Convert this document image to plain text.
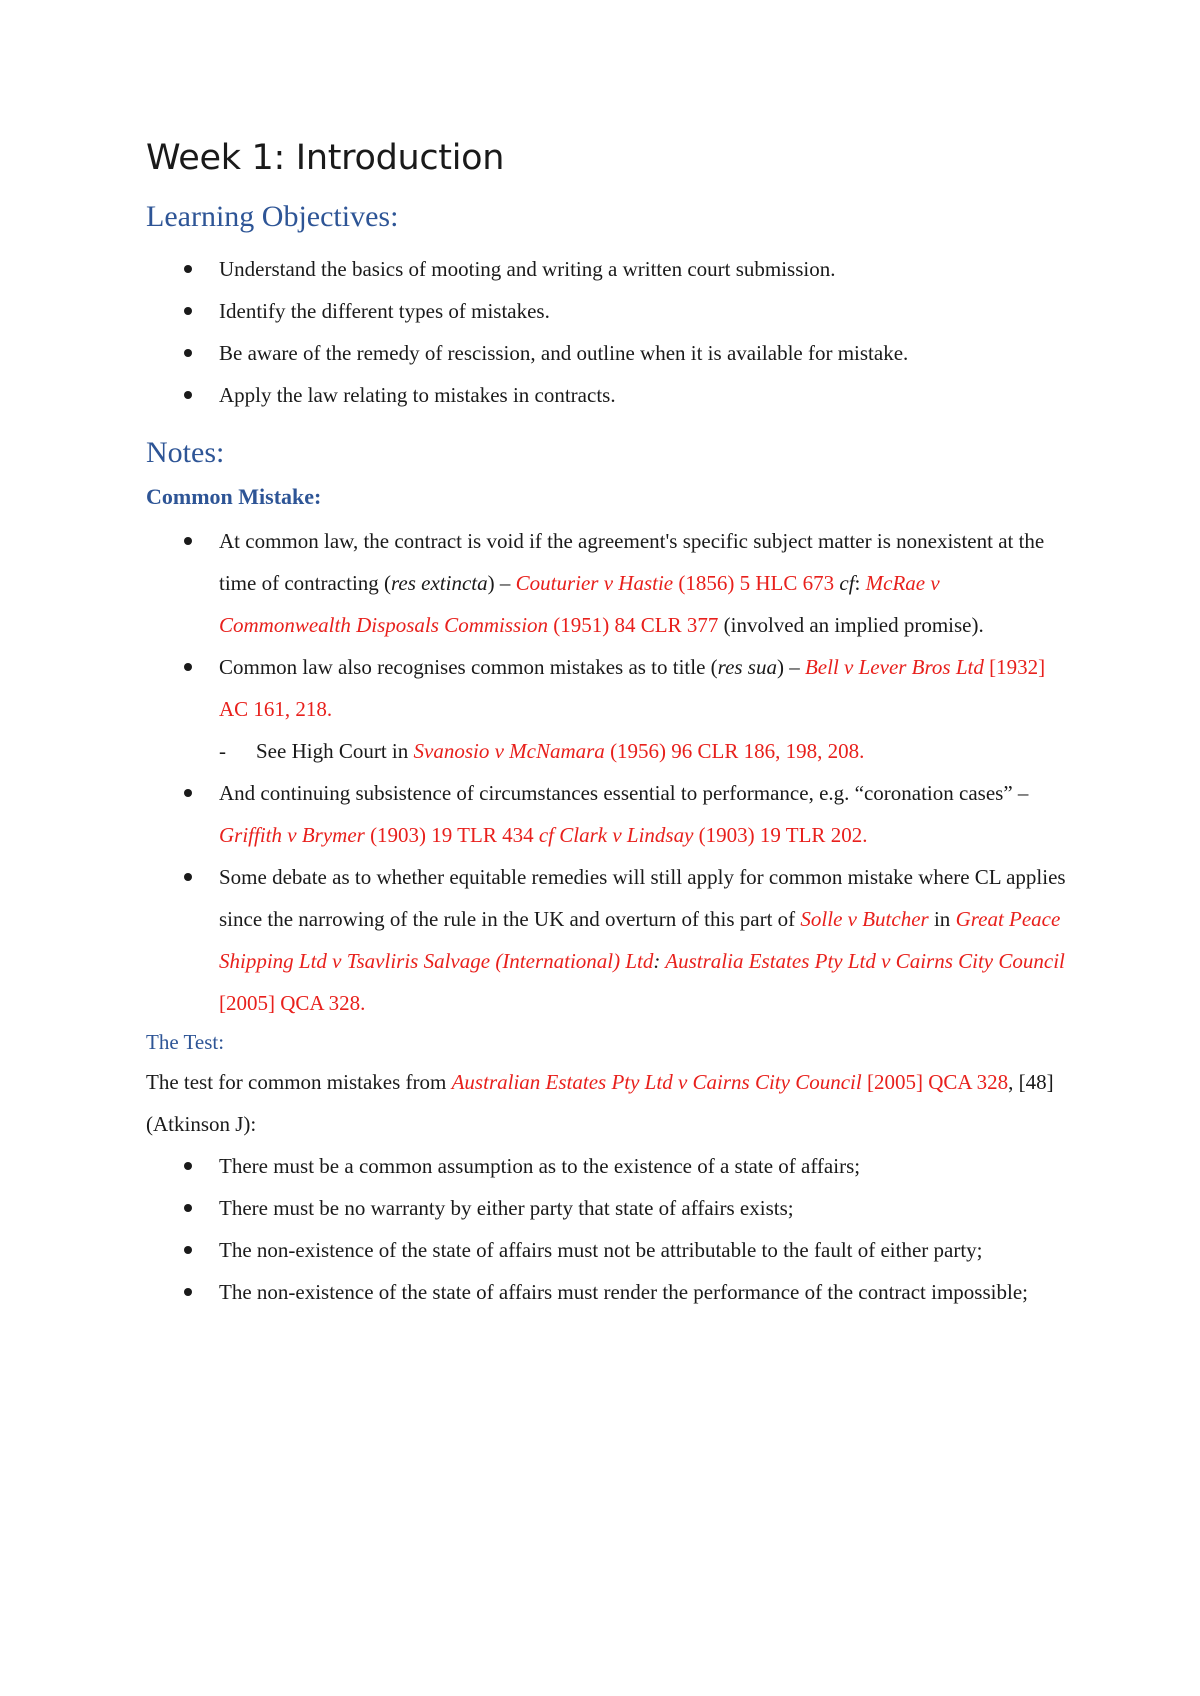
Week 1: Introduction
Learning Objectives:
Understand the basics of mooting and writing a written court submission.
Identify the different types of mistakes.
Be aware of the remedy of rescission, and outline when it is available for mistake.
Apply the law relating to mistakes in contracts.
Notes:
Common Mistake:
At common law, the contract is void if the agreement's specific subject matter is nonexistent at the time of contracting (res extincta) – Couturier v Hastie (1856) 5 HLC 673 cf: McRae v Commonwealth Disposals Commission (1951) 84 CLR 377 (involved an implied promise).
Common law also recognises common mistakes as to title (res sua) – Bell v Lever Bros Ltd [1932] AC 161, 218.
- See High Court in Svanosio v McNamara (1956) 96 CLR 186, 198, 208.
And continuing subsistence of circumstances essential to performance, e.g. “coronation cases” – Griffith v Brymer (1903) 19 TLR 434 cf Clark v Lindsay (1903) 19 TLR 202.
Some debate as to whether equitable remedies will still apply for common mistake where CL applies since the narrowing of the rule in the UK and overturn of this part of Solle v Butcher in Great Peace Shipping Ltd v Tsavliris Salvage (International) Ltd: Australia Estates Pty Ltd v Cairns City Council [2005] QCA 328.
The Test:

The test for common mistakes from Australian Estates Pty Ltd v Cairns City Council [2005] QCA 328, [48] (Atkinson J):

There must be a common assumption as to the existence of a state of affairs;
There must be no warranty by either party that state of affairs exists;
The non-existence of the state of affairs must not be attributable to the fault of either party;
The non-existence of the state of affairs must render the performance of the contract impossible;
